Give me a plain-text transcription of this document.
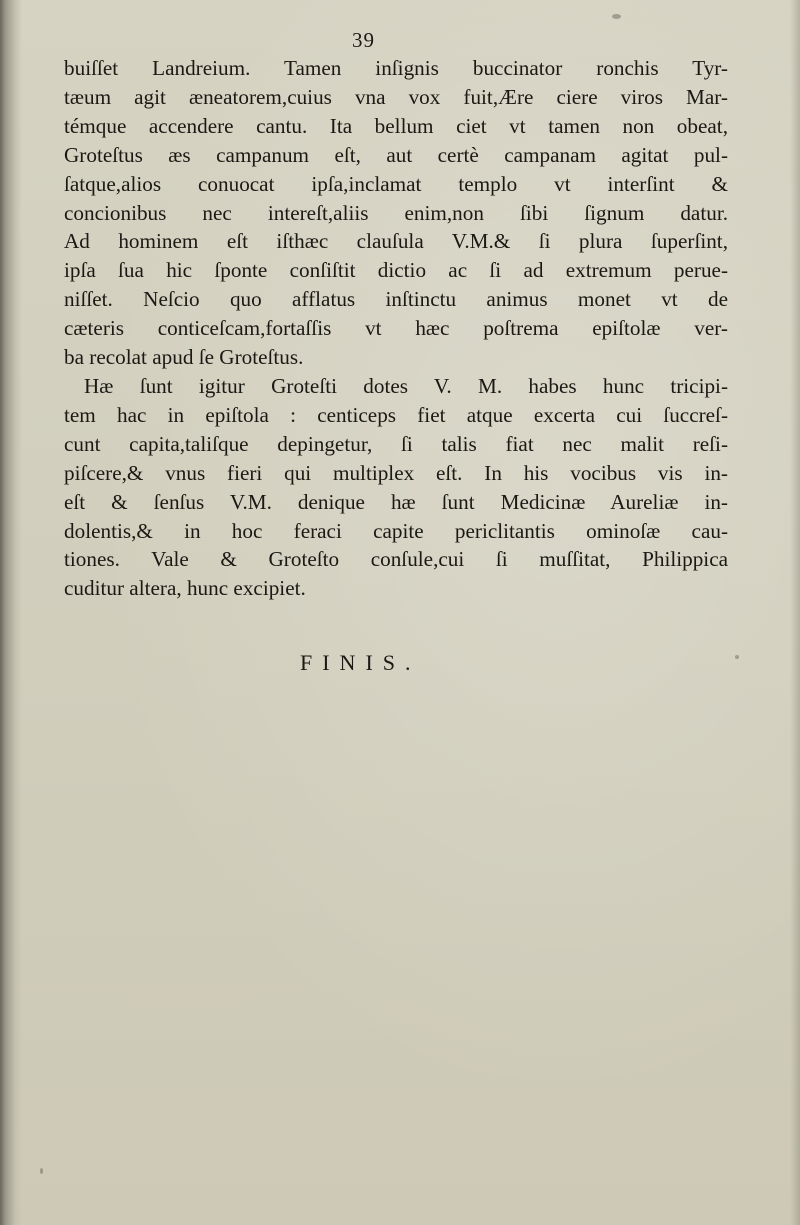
39
buiſſet Landreium. Tamen inſignis buccinator ronchis Tyr-
tæum agit æneatorem,cuius vna vox fuit,Ære ciere viros Mar-
témque accendere cantu. Ita bellum ciet vt tamen non obeat,
Groteſtus æs campanum eſt, aut certè campanam agitat pul-
ſatque,alios conuocat ipſa,inclamat templo vt interſint &
concionibus nec intereſt,aliis enim,non ſibi ſignum datur.
Ad hominem eſt iſthæc clauſula V.M.& ſi plura ſuperſint,
ipſa ſua hic ſponte conſiſtit dictio ac ſi ad extremum perue-
niſſet. Neſcio quo afflatus inſtinctu animus monet vt de
cæteris conticeſcam,fortaſſis vt hæc poſtrema epiſtolæ ver-
ba recolat apud ſe Groteſtus.
Hæ ſunt igitur Groteſti dotes V. M. habes hunc tricipi-
tem hac in epiſtola : centiceps fiet atque excerta cui ſuccreſ-
cunt capita,taliſque depingetur, ſi talis fiat nec malit reſi-
piſcere,& vnus fieri qui multiplex eſt. In his vocibus vis in-
eſt & ſenſus V.M. denique hæ ſunt Medicinæ Aureliæ in-
dolentis,& in hoc feraci capite periclitantis ominoſæ cau-
tiones. Vale & Groteſto conſule,cui ſi muſſitat, Philippica
cuditur altera, hunc excipiet.
FINIS.
